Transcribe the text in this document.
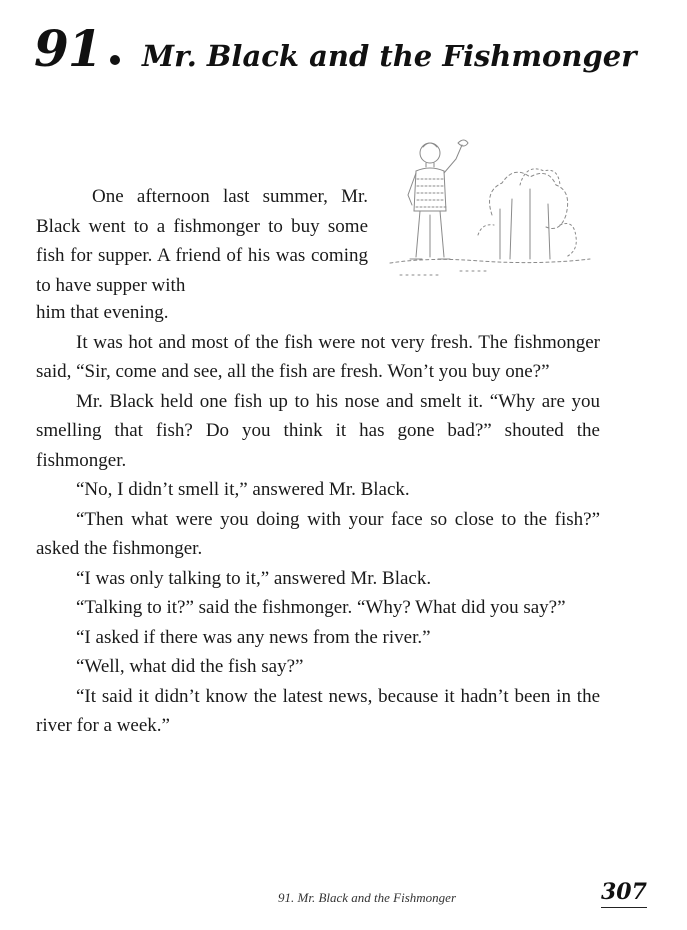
91 Mr. Black and the Fishmonger

One afternoon last summer, Mr. Black went to a fishmonger to buy some fish for supper. A friend of his was coming to have supper with

him that evening.

It was hot and most of the fish were not very fresh. The fishmonger said, “Sir, come and see, all the fish are fresh. Won’t you buy one?”

Mr. Black held one fish up to his nose and smelt it. “Why are you smelling that fish? Do you think it has gone bad?” shouted the fishmonger.

“No, I didn’t smell it,” answered Mr. Black.

“Then what were you doing with your face so close to the fish?” asked the fishmonger.

“I was only talking to it,” answered Mr. Black.

“Talking to it?” said the fishmonger. “Why? What did you say?”

“I asked if there was any news from the river.”

“Well, what did the fish say?”

“It said it didn’t know the latest news, because it hadn’t been in the river for a week.”

91. Mr. Black and the Fishmonger	307
